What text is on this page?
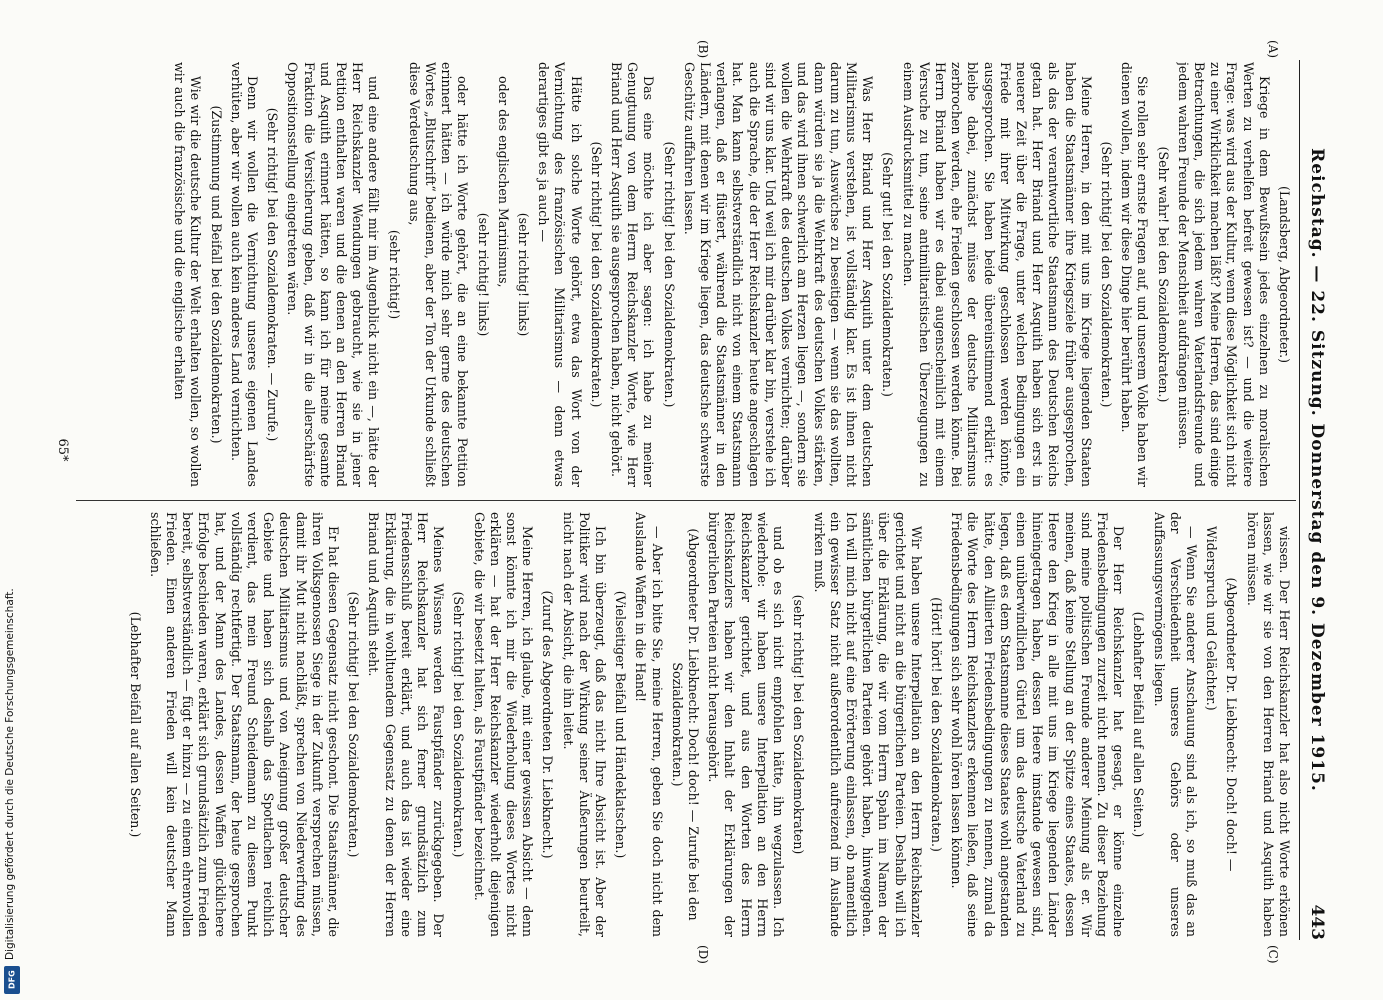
Digitalisierung gefördert durch die Deutsche Forschungsgemeinschaft.
DFG
Reichstag. — 22. Sitzung. Donnerstag den 9. Dezember 1915.
443
(A)
(B)
(C)
(D)

(Landsberg, Abgeordneter.)

Kriege in dem Bewußtsein jedes einzelnen zu moralischen Werten zu verhelfen befreit gewesen ist? — und die weitere Frage: was wird aus der Kultur, wenn diese Möglichkeit sich nicht zu einer Wirklichkeit machen läßt? Meine Herren, das sind einige Betrachtungen, die sich jedem wahren Vaterlandsfreunde und jedem wahren Freunde der Menschheit aufdrängen müssen.

(Sehr wahr! bei den Sozialdemokraten.)

Sie rollen sehr ernste Fragen auf, und unserem Volke haben wir dienen wollen, indem wir diese Dinge hier berührt haben.

(Sehr richtig! bei den Sozialdemokraten.)

Meine Herren, in den mit uns im Kriege liegenden Staaten haben die Staatsmänner ihre Kriegsziele früher ausgesprochen, als das der verantwortliche Staatsmann des Deutschen Reichs getan hat. Herr Briand und Herr Asquith haben sich erst in neuerer Zeit über die Frage, unter welchen Bedingungen ein Friede mit ihrer Mitwirkung geschlossen werden könnte, ausgesprochen. Sie haben beide übereinstimmend erklärt: es bleibe dabei, zunächst müsse der deutsche Militarismus zerbrochen werden, ehe Frieden geschlossen werden könne. Bei Herrn Briand haben wir es dabei augenscheinlich mit einem Versuche zu tun, seine antimilitaristischen Überzeugungen zu einem Ausdrucksmittel zu machen.

(Sehr gut! bei den Sozialdemokraten.)

Was Herr Briand und Herr Asquith unter dem deutschen Militarismus verstehen, ist vollständig klar. Es ist ihnen nicht darum zu tun, Auswüchse zu beseitigen — wenn sie das wollten, dann würden sie ja die Wehrkraft des deutschen Volkes stärken, und das wird ihnen schwerlich am Herzen liegen —, sondern sie wollen die Wehrkraft des deutschen Volkes vernichten; darüber sind wir uns klar. Und weil ich mir darüber klar bin, verstehe ich auch die Sprache, die der Herr Reichskanzler heute angeschlagen hat. Man kann selbstverständlich nicht von einem Staatsmann verlangen, daß er flüstert, während die Staatsmänner in den Ländern, mit denen wir im Kriege liegen, das deutsche schwerste Geschütz auffahren lassen.

(Sehr richtig! bei den Sozialdemokraten.)

Das eine möchte ich aber sagen: ich habe zu meiner Genugtuung von dem Herrn Reichskanzler Worte, wie Herr Briand und Herr Asquith sie ausgesprochen haben, nicht gehört.

(Sehr richtig! bei den Sozialdemokraten.)

Hätte ich solche Worte gehört, etwa das Wort von der Vernichtung des französischen Militarismus — denn etwas derartiges gibt es ja auch —

(sehr richtig! links)

oder des englischen Marinismus,

(sehr richtig! links)

oder hätte ich Worte gehört, die an eine bekannte Petition erinnert hätten — ich würde mich sehr gerne des deutschen Wortes „Blutschrift“ bedienen, aber der Ton der Urkunde schließt diese Verdeutschung aus,

(sehr richtig!)

und eine andere fällt mir im Augenblick nicht ein —, hätte der Herr Reichskanzler Wendungen gebraucht, wie sie in jener Petition enthalten waren und die denen an den Herren Briand und Asquith erinnert hätten, so kann ich für meine gesamte Fraktion die Versicherung geben, daß wir in die allerschärfste Oppositionsstellung eingetreten wären.

(Sehr richtig! bei den Sozialdemokraten. — Zurufe.)

Denn wir wollen die Vernichtung unseres eigenen Landes verhüten, aber wir wollen auch kein anderes Land vernichten.

(Zustimmung und Beifall bei den Sozialdemokraten.)

Wie wir die deutsche Kultur der Welt erhalten wollen, so wollen wir auch die französische und die englische erhalten

wissen. Der Herr Reichskanzler hat also nicht Worte erkönen lassen, wie wir sie von den Herren Briand und Asquith haben hören müssen.

(Abgeordneter Dr. Liebknecht: Doch! doch! —

Widerspruch und Gelächter.)

— Wenn Sie anderer Anschauung sind als ich, so muß das an der Verschiedenheit unseres Gehörs oder unseres Auffassungsvermögens liegen.

(Lebhafter Beifall auf allen Seiten.)

Der Herr Reichskanzler hat gesagt, er könne einzelne Friedensbedingungen zurzeit nicht nennen. Zu dieser Beziehung sind meine politischen Freunde anderer Meinung als er. Wir meinen, daß keine Stellung an der Spitze eines Staates, dessen Heere den Krieg in alle mit uns im Kriege liegenden Länder hineingetragen haben, dessen Heere imstande gewesen sind, einen unüberwindlichen Gürtel um das deutsche Vaterland zu legen, daß es dem Staatsmanne dieses Staates wohl angestanden hätte, den Alliierten Friedensbedingungen zu nennen, zumal da die Worte des Herrn Reichskanzlers erkennen ließen, daß seine Friedensbedingungen sich sehr wohl hören lassen können.

(Hört! hört! bei den Sozialdemokraten.)

Wir haben unsere Interpellation an den Herrn Reichskanzler gerichtet und nicht an die bürgerlichen Parteien. Deshalb will ich über die Erklärung, die wir vom Herrn Spahn im Namen der sämtlichen bürgerlichen Parteien gehört haben, hinweggehen. Ich will mich nicht auf eine Erörterung einlassen, ob namentlich ein gewisser Satz nicht außerordentlich aufreizend im Auslande wirken muß.

(sehr richtig! bei den Sozialdemokraten)

und ob es sich nicht empfohlen hätte, ihn wegzulassen. Ich wiederhole: wir haben unsere Interpellation an den Herrn Reichskanzler gerichtet, und aus den Worten des Herrn Reichskanzlers haben wir den Inhalt der Erklärungen der bürgerlichen Parteien nicht herausgehört.

(Abgeordneter Dr. Liebknecht: Doch! doch! — Zurufe bei den Sozialdemokraten.)

— Aber ich bitte Sie, meine Herren, geben Sie doch nicht dem Auslande Waffen in die Hand!

(Vielseitiger Beifall und Händeklatschen.)

Ich bin überzeugt, daß das nicht Ihre Absicht ist. Aber der Politiker wird nach der Wirkung seiner Äußerungen beurteilt, nicht nach der Absicht, die ihn leitet.

(Zuruf des Abgeordneten Dr. Liebknecht.)

Meine Herren, ich glaube, mit einer gewissen Absicht — denn sonst könnte ich mir die Wiederholung dieses Wortes nicht erklären — hat der Herr Reichskanzler wiederholt diejenigen Gebiete, die wir besetzt halten, als Faustpfänder bezeichnet.

(Sehr richtig! bei den Sozialdemokraten.)

Meines Wissens werden Faustpfänder zurückgegeben. Der Herr Reichskanzler hat sich ferner grundsätzlich zum Friedensschluß bereit erklärt, und auch das ist wieder eine Erklärung, die in wohltuendem Gegensatz zu denen der Herren Briand und Asquith steht.

(Sehr richtig! bei den Sozialdemokraten.)

Er hat diesen Gegensatz nicht geschont. Die Staatsmänner, die ihren Volksgenossen Siege in der Zukunft versprechen müssen, damit ihr Mut nicht nachläßt, sprechen von Niederwerfung des deutschen Militarismus und von Aneignung großer deutscher Gebiete und haben sich deshalb das Spottlachen reichlich verdient, das mein Freund Scheidemann zu diesem Punkt vollständig rechtfertigt. Der Staatsmann, der heute gesprochen hat, und der Mann des Landes, dessen Waffen glücklichere Erfolge beschieden waren, erklärt sich grundsätzlich zum Frieden bereit, selbstverständlich — fügt er hinzu — zu einem ehrenvollen Frieden. Einen anderen Frieden will kein deutscher Mann schließen.

(Lebhafter Beifall auf allen Seiten.)

65*
